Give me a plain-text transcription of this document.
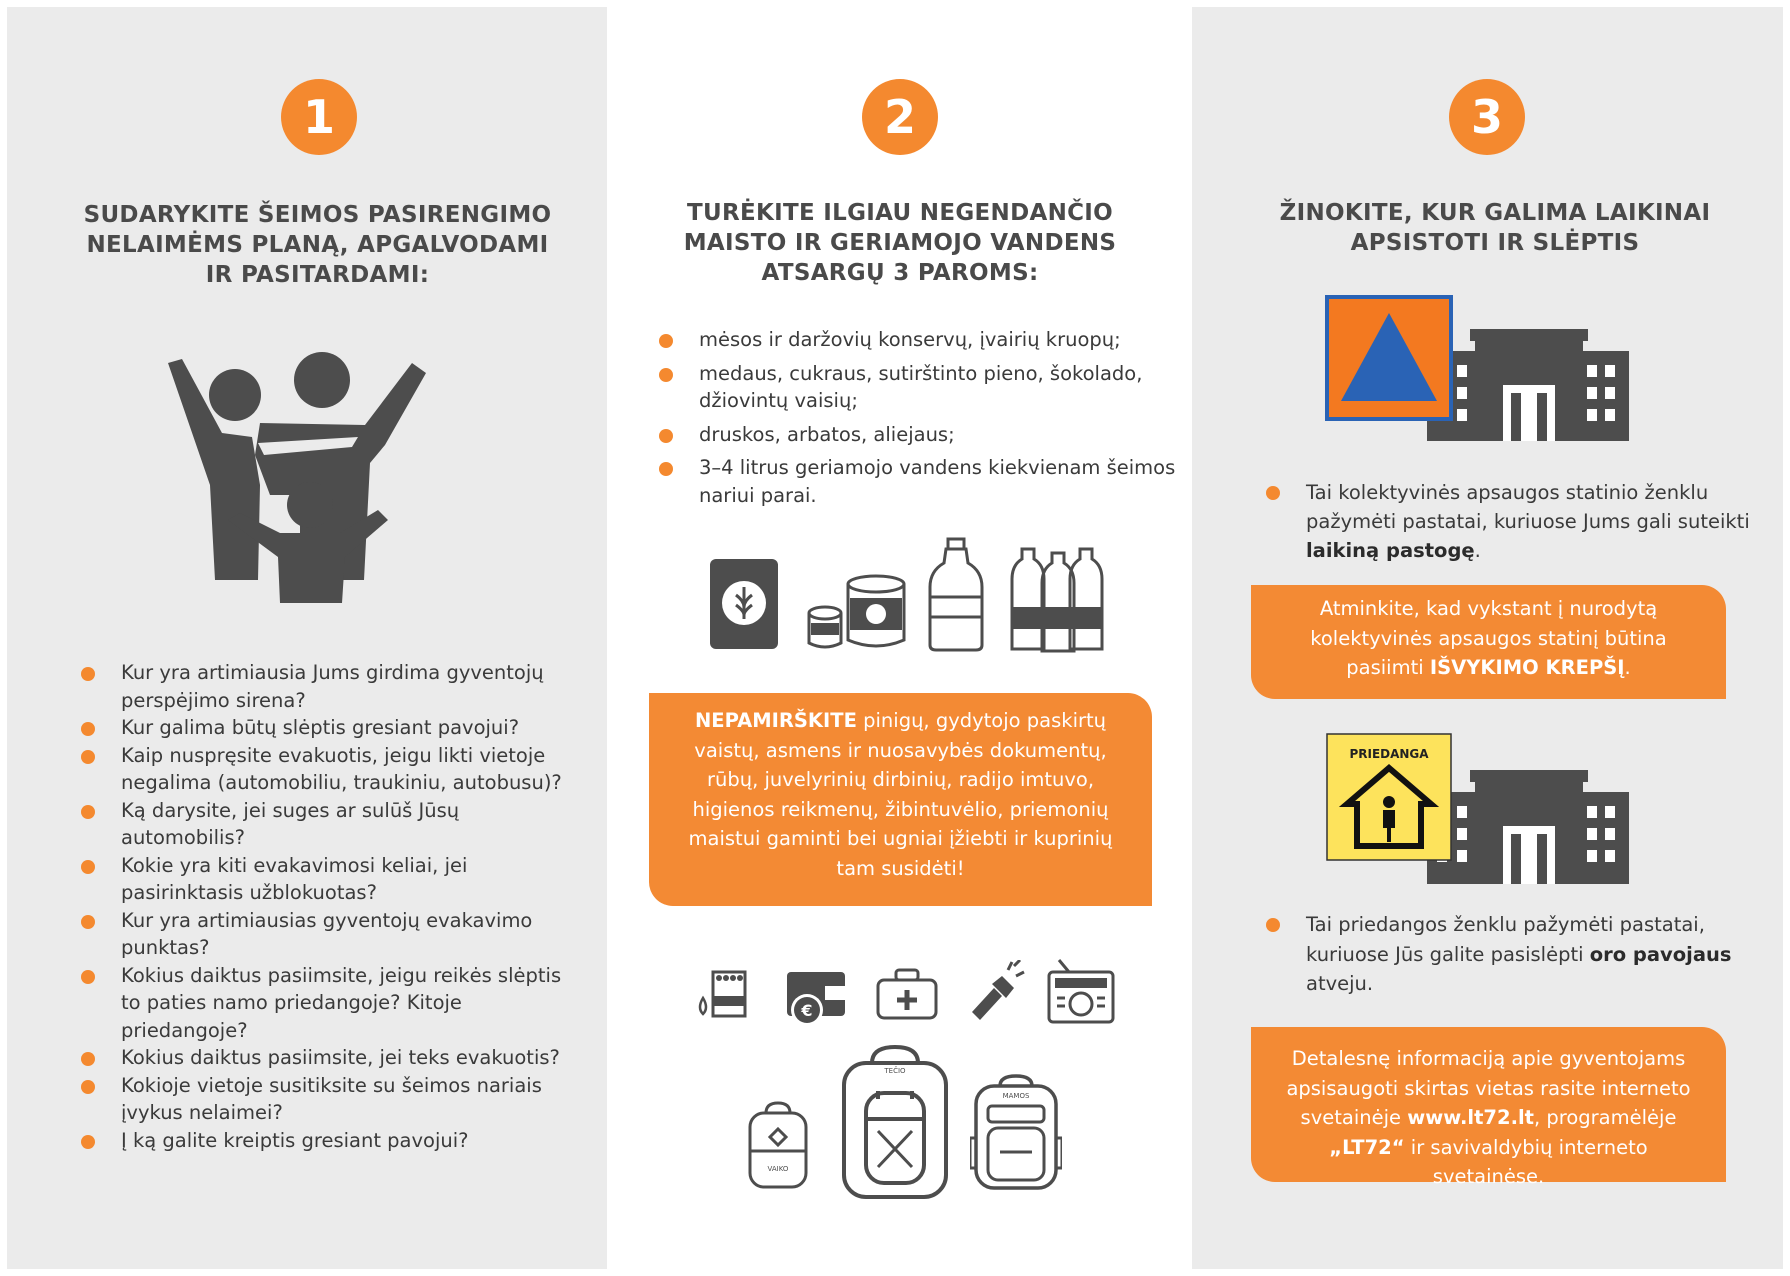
1
SUDARYKITE ŠEIMOS PASIRENGIMO
NELAIMĖMS PLANĄ, APGALVODAMI
IR PASITARDAMI:
Kur yra artimiausia Jums girdima gyventojų perspėjimo sirena?
Kur galima būtų slėptis gresiant pavojui?
Kaip nuspręsite evakuotis, jeigu likti vietoje negalima (automobiliu, traukiniu, autobusu)?
Ką darysite, jei suges ar sulūš Jūsų automobilis?
Kokie yra kiti evakavimosi keliai, jei pasirinktasis užblokuotas?
Kur yra artimiausias gyventojų evakavimo punktas?
Kokius daiktus pasiimsite, jeigu reikės slėptis to paties namo priedangoje? Kitoje priedangoje?
Kokius daiktus pasiimsite, jei teks evakuotis?
Kokioje vietoje susitiksite su šeimos nariais įvykus nelaimei?
Į ką galite kreiptis gresiant pavojui?
2
TURĖKITE ILGIAU NEGENDANČIO
MAISTO IR GERIAMOJO VANDENS
ATSARGŲ 3 PAROMS:
mėsos ir daržovių konservų, įvairių kruopų;
medaus, cukraus, sutirštinto pieno, šokolado, džiovintų vaisių;
druskos, arbatos, aliejaus;
3–4 litrus geriamojo vandens kiekvienam šeimos nariui parai.
NEPAMIRŠKITE pinigų, gydytojo paskirtų vaistų, asmens ir nuosavybės dokumentų, rūbų, juvelyrinių dirbinių, radijo imtuvo, higienos reikmenų, žibintuvėlio, priemonių maistui gaminti bei ugniai įžiebti ir kuprinių tam susidėti!
€
VAIKO
TEČIO
MAMOS
3
ŽINOKITE, KUR GALIMA LAIKINAI
APSISTOTI IR SLĖPTIS
Tai kolektyvinės apsaugos statinio ženklu pažymėti pastatai, kuriuose Jums gali suteikti laikiną pastogę.
Atminkite, kad vykstant į nurodytą kolektyvinės apsaugos statinį būtina pasiimti IŠVYKIMO KREPŠĮ.
PRIEDANGA
Tai priedangos ženklu pažymėti pastatai, kuriuose Jūs galite pasislėpti oro pavojaus atveju.
Detalesnę informaciją apie gyventojams apsisaugoti skirtas vietas rasite interneto svetainėje www.lt72.lt, programėlėje „LT72“ ir savivaldybių interneto svetainėse.
